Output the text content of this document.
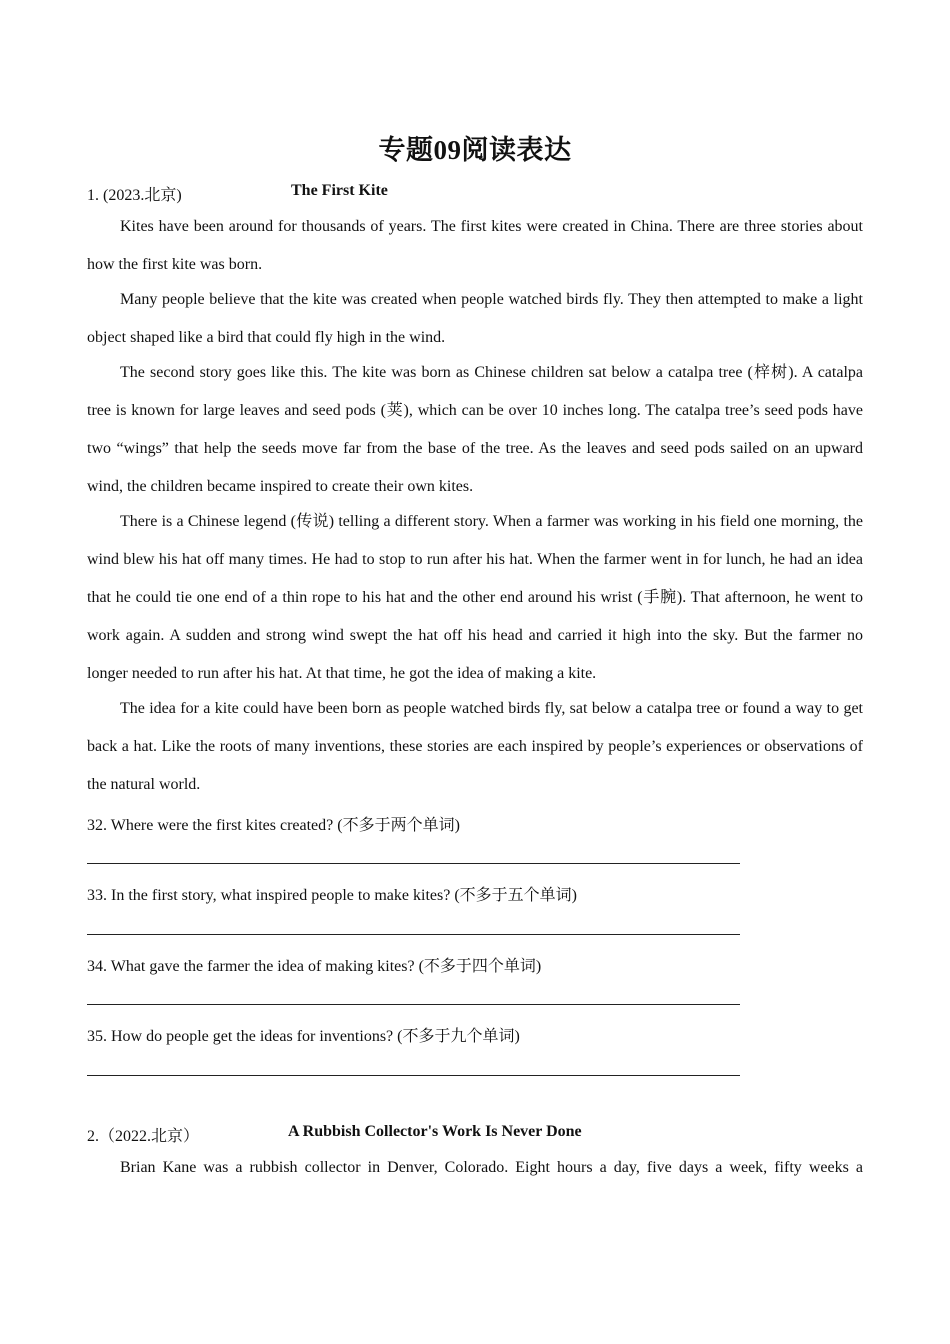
专题09阅读表达
1. (2023.北京)	The First Kite

Kites have been around for thousands of years. The first kites were created in China. There are three stories about how the first kite was born.

Many people believe that the kite was created when people watched birds fly. They then attempted to make a light object shaped like a bird that could fly high in the wind.

The second story goes like this. The kite was born as Chinese children sat below a catalpa tree (梓树). A catalpa tree is known for large leaves and seed pods (荚), which can be over 10 inches long. The catalpa tree’s seed pods have two “wings” that help the seeds move far from the base of the tree. As the leaves and seed pods sailed on an upward wind, the children became inspired to create their own kites.

There is a Chinese legend (传说) telling a different story. When a farmer was working in his field one morning, the wind blew his hat off many times. He had to stop to run after his hat. When the farmer went in for lunch, he had an idea that he could tie one end of a thin rope to his hat and the other end around his wrist (手腕). That afternoon, he went to work again. A sudden and strong wind swept the hat off his head and carried it high into the sky. But the farmer no longer needed to run after his hat. At that time, he got the idea of making a kite.

The idea for a kite could have been born as people watched birds fly, sat below a catalpa tree or found a way to get back a hat. Like the roots of many inventions, these stories are each inspired by people’s experiences or observations of the natural world.

32. Where were the first kites created? (不多于两个单词)
33. In the first story, what inspired people to make kites? (不多于五个单词)
34. What gave the farmer the idea of making kites? (不多于四个单词)
35. How do people get the ideas for inventions? (不多于九个单词)
2.（2022.北京）	A Rubbish Collector's Work Is Never Done

Brian Kane was a rubbish collector in Denver, Colorado. Eight hours a day, five days a week, fifty weeks a
